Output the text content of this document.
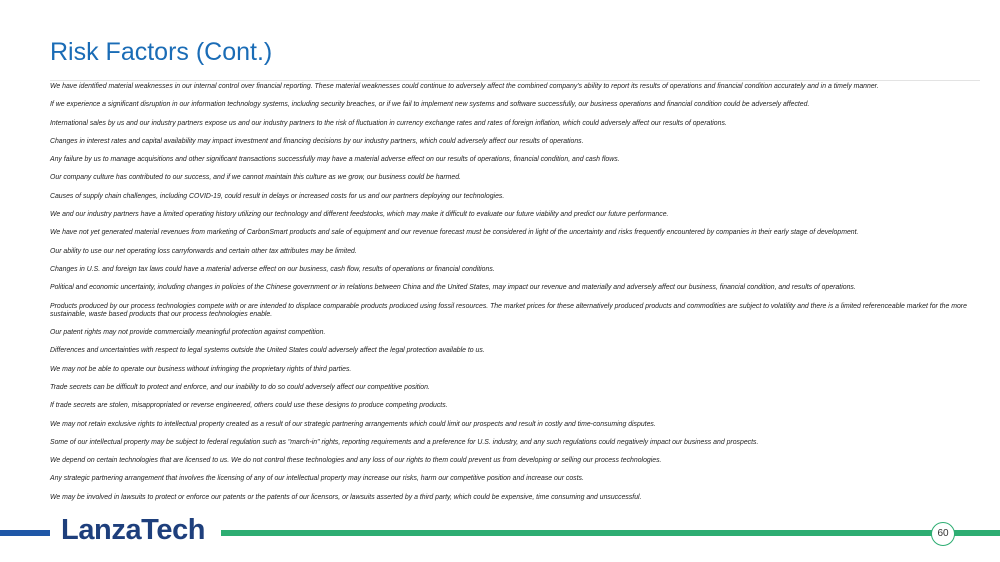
Risk Factors (Cont.)
We have identified material weaknesses in our internal control over financial reporting. These material weaknesses could continue to adversely affect the combined company's ability to report its results of operations and financial condition accurately and in a timely manner.
If we experience a significant disruption in our information technology systems, including security breaches, or if we fail to implement new systems and software successfully, our business operations and financial condition could be adversely affected.
International sales by us and our industry partners expose us and our industry partners to the risk of fluctuation in currency exchange rates and rates of foreign inflation, which could adversely affect our results of operations.
Changes in interest rates and capital availability may impact investment and financing decisions by our industry partners, which could adversely affect our results of operations.
Any failure by us to manage acquisitions and other significant transactions successfully may have a material adverse effect on our results of operations, financial condition, and cash flows.
Our company culture has contributed to our success, and if we cannot maintain this culture as we grow, our business could be harmed.
Causes of supply chain challenges, including COVID-19, could result in delays or increased costs for us and our partners deploying our technologies.
We and our industry partners have a limited operating history utilizing our technology and different feedstocks, which may make it difficult to evaluate our future viability and predict our future performance.
We have not yet generated material revenues from marketing of CarbonSmart products and sale of equipment and our revenue forecast must be considered in light of the uncertainty and risks frequently encountered by companies in their early stage of development.
Our ability to use our net operating loss carryforwards and certain other tax attributes may be limited.
Changes in U.S. and foreign tax laws could have a material adverse effect on our business, cash flow, results of operations or financial conditions.
Political and economic uncertainty, including changes in policies of the Chinese government or in relations between China and the United States, may impact our revenue and materially and adversely affect our business, financial condition, and results of operations.
Products produced by our process technologies compete with or are intended to displace comparable products produced using fossil resources. The market prices for these alternatively produced products and commodities are subject to volatility and there is a limited referenceable market for the more sustainable, waste based products that our process technologies enable.
Our patent rights may not provide commercially meaningful protection against competition.
Differences and uncertainties with respect to legal systems outside the United States could adversely affect the legal protection available to us.
We may not be able to operate our business without infringing the proprietary rights of third parties.
Trade secrets can be difficult to protect and enforce, and our inability to do so could adversely affect our competitive position.
If trade secrets are stolen, misappropriated or reverse engineered, others could use these designs to produce competing products.
We may not retain exclusive rights to intellectual property created as a result of our strategic partnering arrangements which could limit our prospects and result in costly and time-consuming disputes.
Some of our intellectual property may be subject to federal regulation such as "march-in" rights, reporting requirements and a preference for U.S. industry, and any such regulations could negatively impact our business and prospects.
We depend on certain technologies that are licensed to us. We do not control these technologies and any loss of our rights to them could prevent us from developing or selling our process technologies.
Any strategic partnering arrangement that involves the licensing of any of our intellectual property may increase our risks, harm our competitive position and increase our costs.
We may be involved in lawsuits to protect or enforce our patents or the patents of our licensors, or lawsuits asserted by a third party, which could be expensive, time consuming and unsuccessful.
LanzaTech	60
